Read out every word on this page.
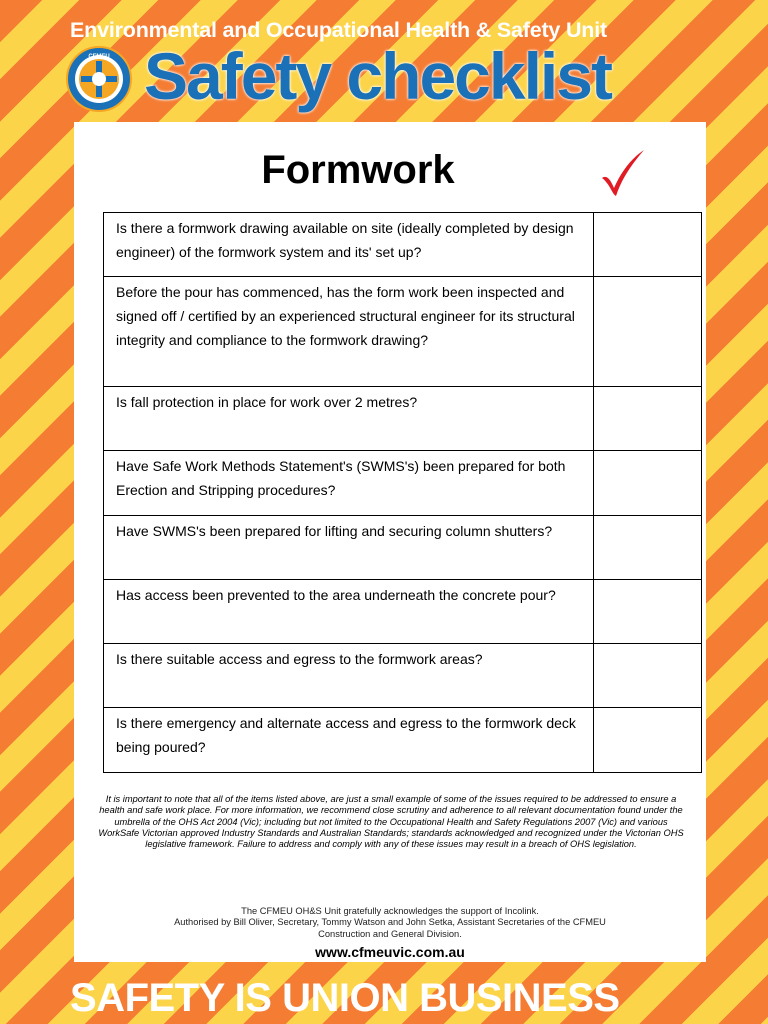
Environmental and Occupational Health & Safety Unit
CFMEU Safety checklist
Formwork
Is there a formwork drawing available on site (ideally completed by design engineer) of the formwork system and its' set up?	
Before the pour has commenced, has the form work been inspected and signed off / certified by an experienced structural engineer for its structural integrity and compliance to the formwork drawing?	
Is fall protection in place for work over 2 metres?	
Have Safe Work Methods Statement's (SWMS's) been prepared for both Erection and Stripping procedures?	
Have SWMS's been prepared for lifting and securing column shutters?	
Has access been prevented to the area underneath the concrete pour?	
Is there suitable access and egress to the formwork areas?	
Is there emergency and alternate access and egress to the formwork deck being poured?	
It is important to note that all of the items listed above, are just a small example of some of the issues required to be addressed to ensure a health and safe work place. For more information, we recommend close scrutiny and adherence to all relevant documentation found under the umbrella of the OHS Act 2004 (Vic); including but not limited to the Occupational Health and Safety Regulations 2007 (Vic) and various WorkSafe Victorian approved Industry Standards and Australian Standards; standards acknowledged and recognized under the Victorian OHS legislative framework. Failure to address and comply with any of these issues may result in a breach of OHS legislation.
The CFMEU OH&S Unit gratefully acknowledges the support of Incolink.
Authorised by Bill Oliver, Secretary, Tommy Watson and John Setka, Assistant Secretaries of the CFMEU
Construction and General Division.
www.cfmeuvic.com.au
SAFETY IS UNION BUSINESS
